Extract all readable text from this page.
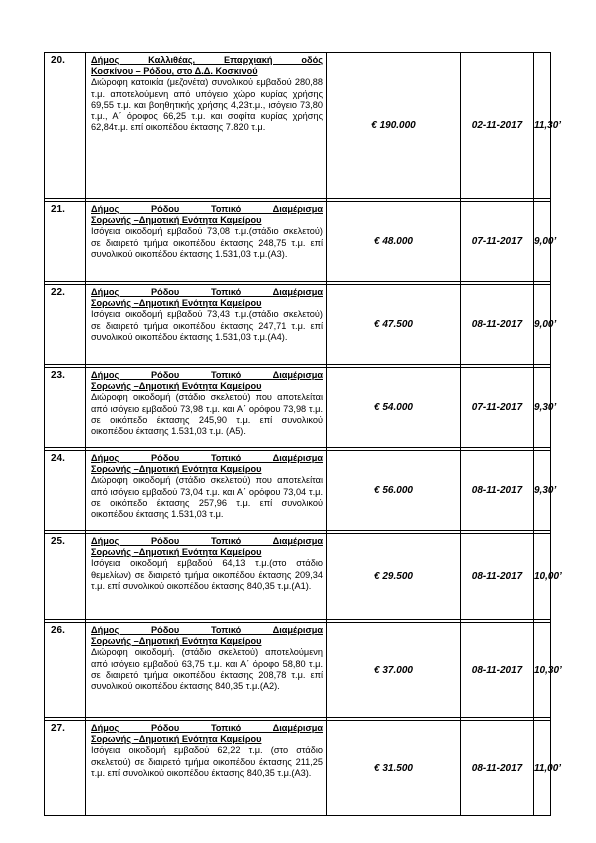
20.	Δήμος Καλλιθέας, Επαρχιακή οδός
Κοσκίνου – Ρόδου, στο Δ.Δ. Κοσκινού
Διώροφη κατοικία (μεζονέτα) συνολικού εμβαδού 280,88 τ.μ. αποτελούμενη από υπόγειο χώρο κυρίας χρήσης 69,55 τ.μ. και βοηθητικής χρήσης 4,23τ.μ., ισόγειο 73,80 τ.μ., Α΄ όροφος 66,25 τ.μ. και σοφίτα κυρίας χρήσης 62,84τ.μ. επί οικοπέδου έκτασης 7.820 τ.μ.	€ 190.000	02-11-2017	11,30’

21.	Δήμος Ρόδου Τοπικό Διαμέρισμα
Σορωνής –Δημοτική Ενότητα Καμείρου
Ισόγεια οικοδομή εμβαδού 73,08 τ.μ.(στάδιο σκελετού) σε διαιρετό τμήμα οικοπέδου έκτασης 248,75 τ.μ. επί συνολικού οικοπέδου έκτασης 1.531,03 τ.μ.(Α3).	€ 48.000	07-11-2017	9,00’

22.	Δήμος Ρόδου Τοπικό Διαμέρισμα
Σορωνής –Δημοτική Ενότητα Καμείρου
Ισόγεια οικοδομή εμβαδού 73,43 τ.μ.(στάδιο σκελετού) σε διαιρετό τμήμα οικοπέδου έκτασης 247,71 τ.μ. επί συνολικού οικοπέδου έκτασης 1.531,03 τ.μ.(Α4).	€ 47.500	08-11-2017	9,00’

23.	Δήμος Ρόδου Τοπικό Διαμέρισμα
Σορωνής –Δημοτική Ενότητα Καμείρου
Διώροφη οικοδομή (στάδιο σκελετού) που αποτελείται από ισόγειο εμβαδού 73,98 τ.μ. και Α΄ ορόφου 73,98 τ.μ. σε οικόπεδο έκτασης 245,90 τ.μ. επί συνολικού οικοπέδου έκτασης 1.531,03 τ.μ. (Α5).	€ 54.000	07-11-2017	9,30’

24.	Δήμος Ρόδου Τοπικό Διαμέρισμα
Σορωνής –Δημοτική Ενότητα Καμείρου
Διώροφη οικοδομή (στάδιο σκελετού) που αποτελείται από ισόγειο εμβαδού 73,04 τ.μ. και Α΄ ορόφου 73,04 τ.μ. σε οικόπεδο έκτασης 257,96 τ.μ. επί συνολικού οικοπέδου έκτασης 1.531,03 τ.μ.	€ 56.000	08-11-2017	9,30’

25.	Δήμος Ρόδου Τοπικό Διαμέρισμα
Σορωνής –Δημοτική Ενότητα Καμείρου
Ισόγεια οικοδομή εμβαδού 64,13 τ.μ.(στο στάδιο θεμελίων) σε διαιρετό τμήμα οικοπέδου έκτασης 209,34 τ.μ. επί συνολικού οικοπέδου έκτασης 840,35 τ.μ.(Α1).	€ 29.500	08-11-2017	10,00’

26.	Δήμος Ρόδου Τοπικό Διαμέρισμα
Σορωνής –Δημοτική Ενότητα Καμείρου
Διώροφη οικοδομή. (στάδιο σκελετού) αποτελούμενη από ισόγειο εμβαδού 63,75 τ.μ. και Α΄ όροφο 58,80 τ.μ. σε διαιρετό τμήμα οικοπέδου έκτασης 208,78 τ.μ. επί συνολικού οικοπέδου έκτασης 840,35 τ.μ.(Α2).	€ 37.000	08-11-2017	10,30’

27.	Δήμος Ρόδου Τοπικό Διαμέρισμα
Σορωνής –Δημοτική Ενότητα Καμείρου
Ισόγεια οικοδομή εμβαδού 62,22 τ.μ. (στο στάδιο σκελετού) σε διαιρετό τμήμα οικοπέδου έκτασης 211,25 τ.μ. επί συνολικού οικοπέδου έκτασης 840,35 τ.μ.(Α3).	€ 31.500	08-11-2017	11,00’
